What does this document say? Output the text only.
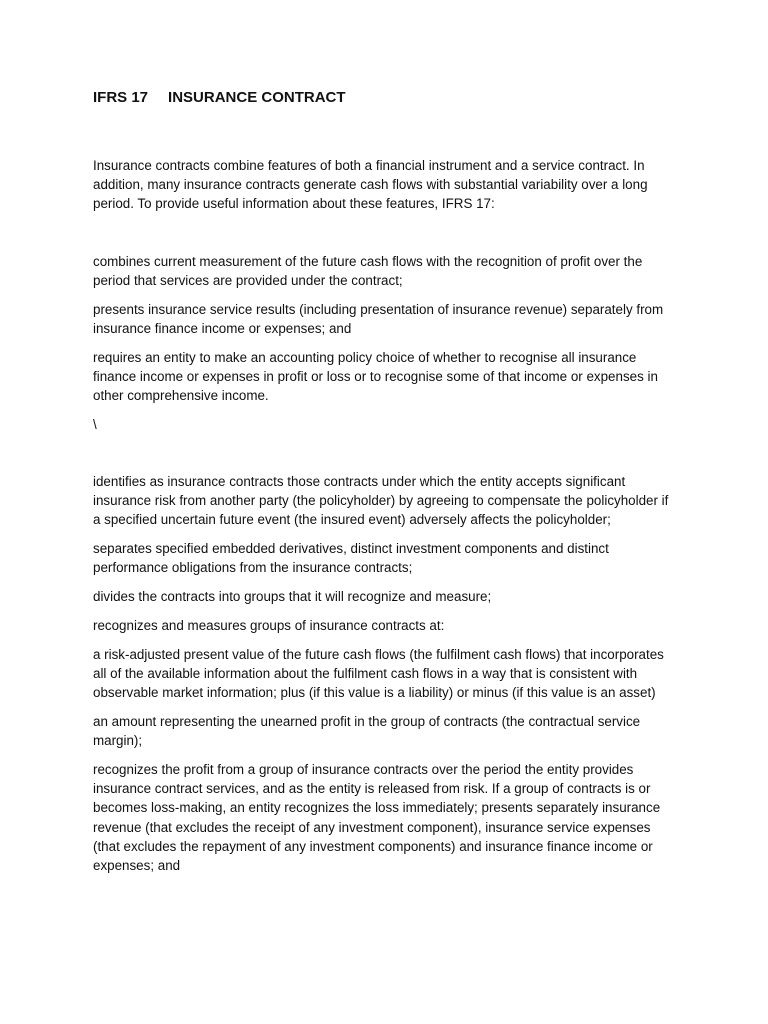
IFRS 17 INSURANCE CONTRACT

Insurance contracts combine features of both a financial instrument and a service contract. In addition, many insurance contracts generate cash flows with substantial variability over a long period. To provide useful information about these features, IFRS 17:

combines current measurement of the future cash flows with the recognition of profit over the period that services are provided under the contract;

presents insurance service results (including presentation of insurance revenue) separately from insurance finance income or expenses; and

requires an entity to make an accounting policy choice of whether to recognise all insurance finance income or expenses in profit or loss or to recognise some of that income or expenses in other comprehensive income.

\

identifies as insurance contracts those contracts under which the entity accepts significant insurance risk from another party (the policyholder) by agreeing to compensate the policyholder if a specified uncertain future event (the insured event) adversely affects the policyholder;

separates specified embedded derivatives, distinct investment components and distinct performance obligations from the insurance contracts;

divides the contracts into groups that it will recognize and measure;

recognizes and measures groups of insurance contracts at:

a risk-adjusted present value of the future cash flows (the fulfilment cash flows) that incorporates all of the available information about the fulfilment cash flows in a way that is consistent with observable market information; plus (if this value is a liability) or minus (if this value is an asset)

an amount representing the unearned profit in the group of contracts (the contractual service margin);

recognizes the profit from a group of insurance contracts over the period the entity provides insurance contract services, and as the entity is released from risk. If a group of contracts is or becomes loss-making, an entity recognizes the loss immediately; presents separately insurance revenue (that excludes the receipt of any investment component), insurance service expenses (that excludes the repayment of any investment components) and insurance finance income or expenses; and
